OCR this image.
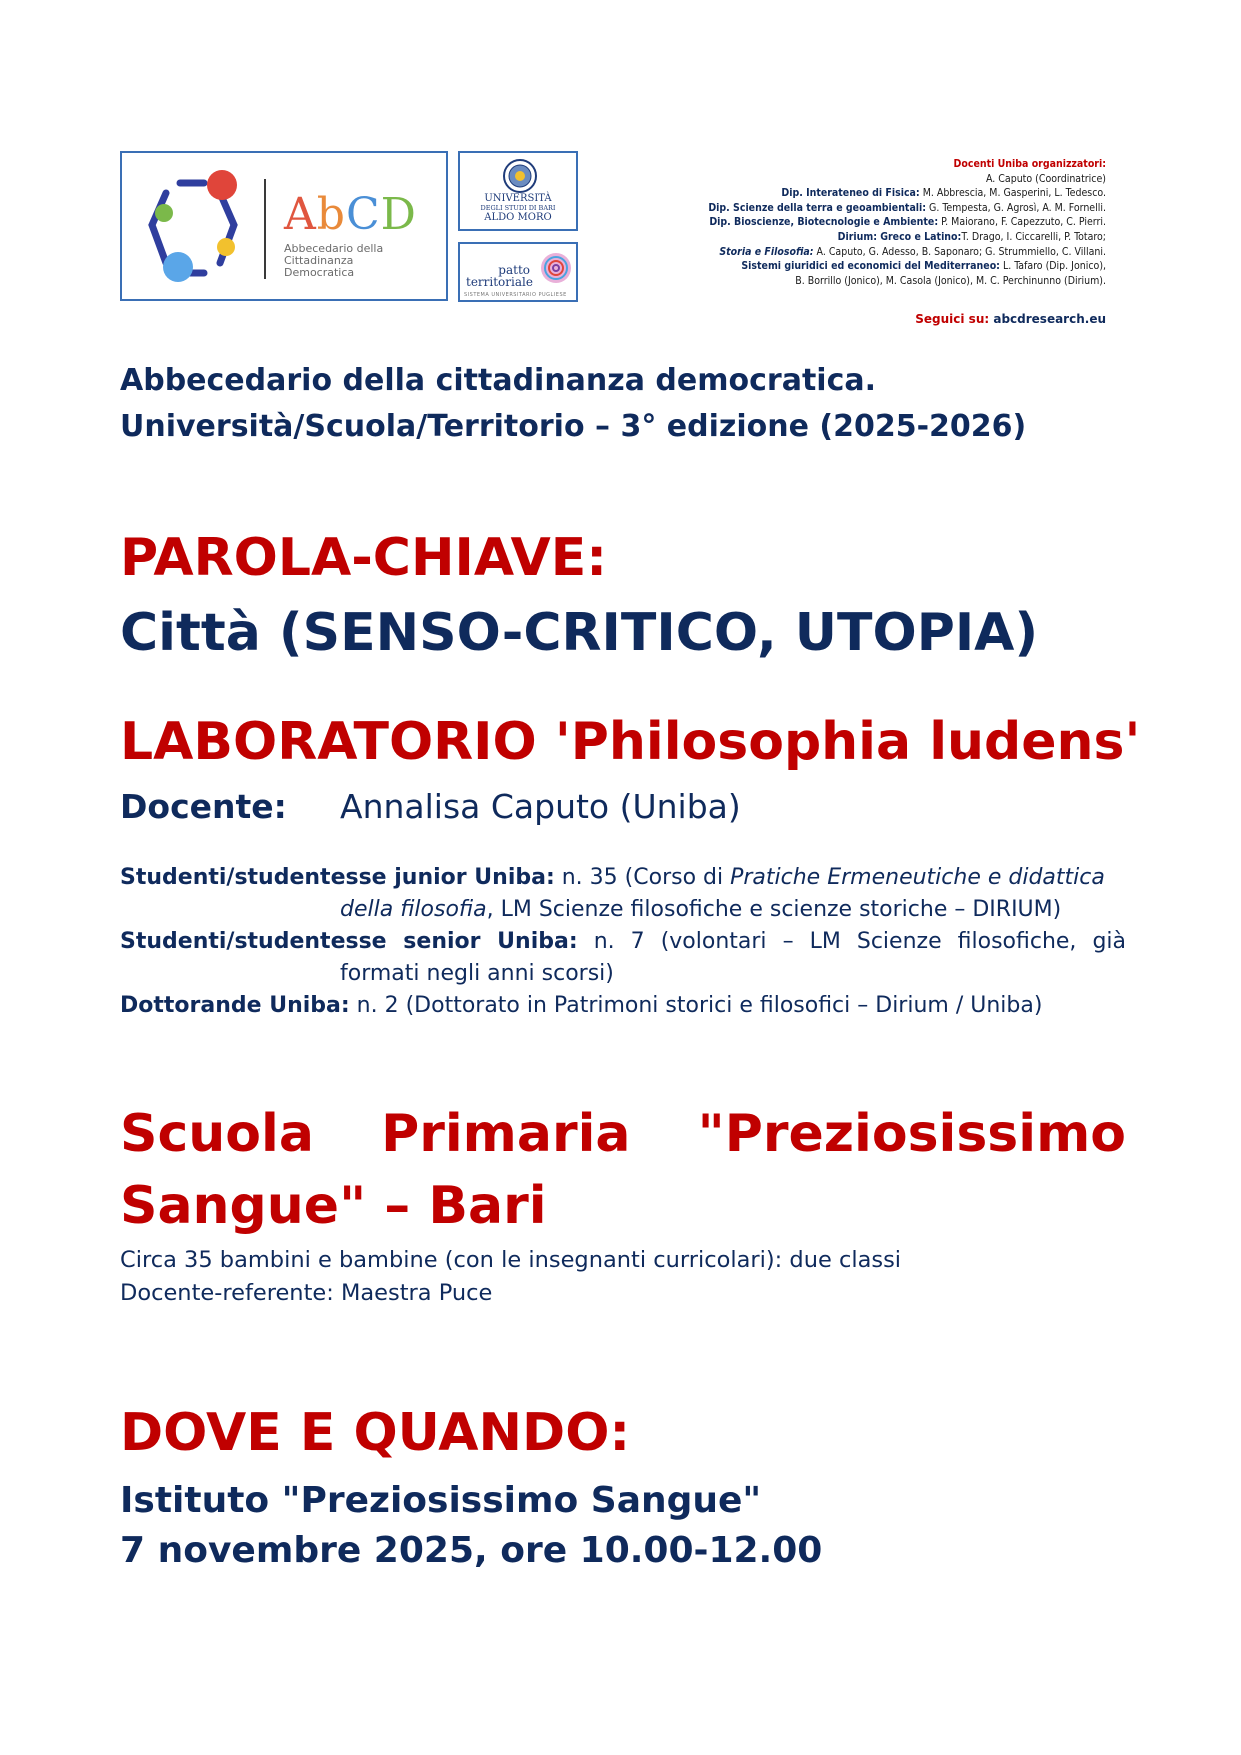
AbCD
Abbecedario della
Cittadinanza
Democratica
UNIVERSITÀ
DEGLI STUDI DI BARI
ALDO MORO
patto
territoriale
SISTEMA UNIVERSITARIO PUGLIESE
Docenti Uniba organizzatori:
A. Caputo (Coordinatrice)
Dip. Interateneo di Fisica: M. Abbrescia, M. Gasperini, L. Tedesco.
Dip. Scienze della terra e geoambientali: G. Tempesta, G. Agrosì, A. M. Fornelli.
Dip. Bioscienze, Biotecnologie e Ambiente: P. Maiorano, F. Capezzuto, C. Pierri.
Dirium: Greco e Latino:T. Drago, I. Ciccarelli, P. Totaro;
Storia e Filosofia: A. Caputo, G. Adesso, B. Saponaro; G. Strummiello, C. Villani.
Sistemi giuridici ed economici del Mediterraneo: L. Tafaro (Dip. Jonico),
B. Borrillo (Jonico), M. Casola (Jonico), M. C. Perchinunno (Dirium).
Seguici su: abcdresearch.eu
Abbecedario della cittadinanza democratica.
Università/Scuola/Territorio – 3° edizione (2025-2026)
PAROLA-CHIAVE:
Città (SENSO-CRITICO, UTOPIA)
LABORATORIO 'Philosophia ludens'
Docente: Annalisa Caputo (Uniba)
Studenti/studentesse junior Uniba: n. 35 (Corso di Pratiche Ermeneutiche e didattica
della filosofia, LM Scienze filosofiche e scienze storiche – DIRIUM)
Studenti/studentesse senior Uniba: n. 7 (volontari – LM Scienze filosofiche, già
formati negli anni scorsi)
Dottorande Uniba: n. 2 (Dottorato in Patrimoni storici e filosofici – Dirium / Uniba)
Scuola Primaria "Preziosissimo Sangue" – Bari
Circa 35 bambini e bambine (con le insegnanti curricolari): due classi
Docente-referente: Maestra Puce
DOVE E QUANDO:
Istituto "Preziosissimo Sangue"
7 novembre 2025, ore 10.00-12.00
